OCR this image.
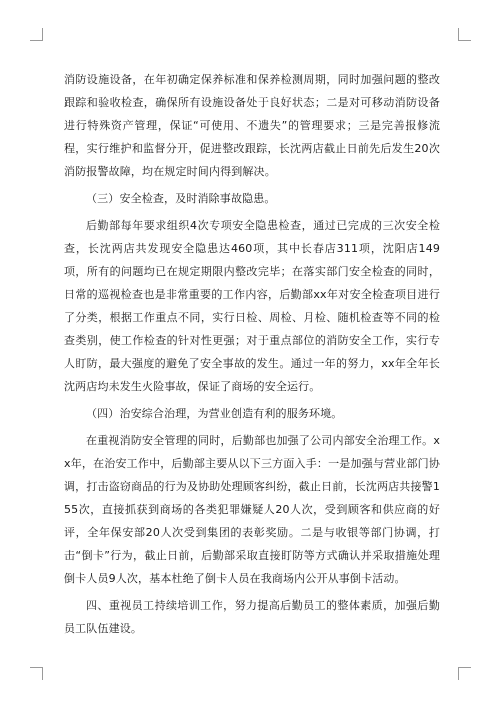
消防设施设备，在年初确定保养标准和保养检测周期，同时加强问题的整改跟踪和验收检查，确保所有设施设备处于良好状态；二是对可移动消防设备进行特殊资产管理，保证“可使用、不遗失”的管理要求；三是完善报修流程，实行维护和监督分开，促进整改跟踪，长沈两店截止日前先后发生20次消防报警故障，均在规定时间内得到解决。

（三）安全检查，及时消除事故隐患。

后勤部每年要求组织4次专项安全隐患检查，通过已完成的三次安全检查，长沈两店共发现安全隐患达460项，其中长春店311项，沈阳店149项，所有的问题均已在规定期限内整改完毕；在落实部门安全检查的同时，日常的巡视检查也是非常重要的工作内容，后勤部xx年对安全检查项目进行了分类，根据工作重点不同，实行日检、周检、月检、随机检查等不同的检查类别，使工作检查的针对性更强；对于重点部位的消防安全工作，实行专人盯防，最大强度的避免了安全事故的发生。通过一年的努力，xx年全年长沈两店均未发生火险事故，保证了商场的安全运行。

（四）治安综合治理，为营业创造有利的服务环境。

在重视消防安全管理的同时，后勤部也加强了公司内部安全治理工作。xx年，在治安工作中，后勤部主要从以下三方面入手：一是加强与营业部门协调，打击盗窃商品的行为及协助处理顾客纠纷，截止日前，长沈两店共接警155次，直接抓获到商场的各类犯罪嫌疑人20人次，受到顾客和供应商的好评，全年保安部20人次受到集团的表彰奖励。二是与收银等部门协调，打击“倒卡”行为，截止日前，后勤部采取直接盯防等方式确认并采取措施处理倒卡人员9人次，基本杜绝了倒卡人员在我商场内公开从事倒卡活动。

四、重视员工持续培训工作，努力提高后勤员工的整体素质，加强后勤员工队伍建设。
